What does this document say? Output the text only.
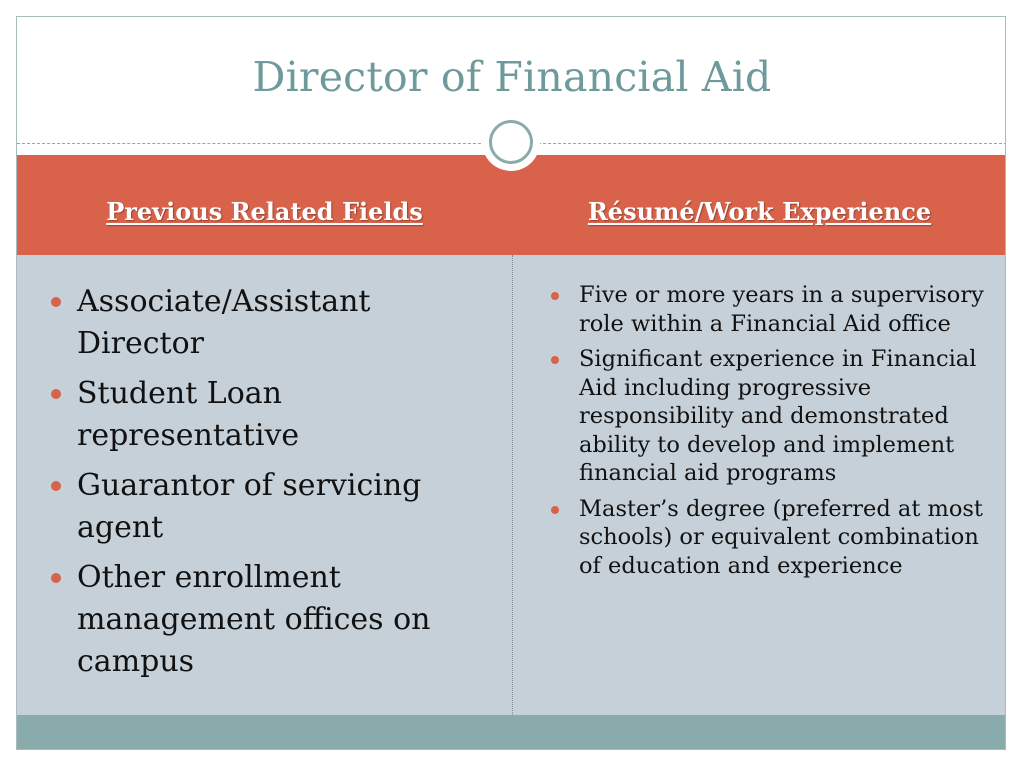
Director of Financial Aid
Previous Related Fields	Résumé/Work Experience
Associate/Assistant Director
Student Loan representative
Guarantor of servicing agent
Other enrollment management offices on campus
Five or more years in a supervisory role within a Financial Aid office
Significant experience in Financial Aid including progressive responsibility and demonstrated ability to develop and implement financial aid programs
Master’s degree (preferred at most schools) or equivalent combination of education and experience
